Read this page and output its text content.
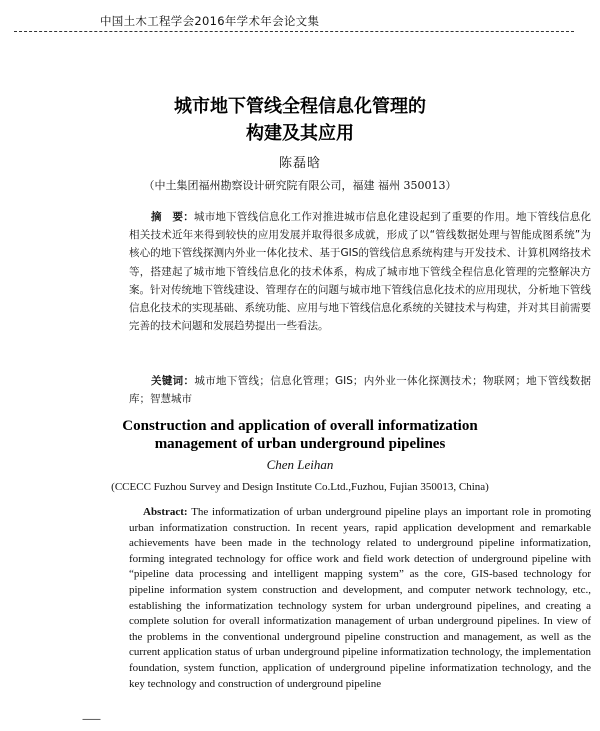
中国土木工程学会2016年学术年会论文集
城市地下管线全程信息化管理的
构建及其应用
陈磊晗
（中土集团福州勘察设计研究院有限公司，福建 福州 350013）
摘　要：城市地下管线信息化工作对推进城市信息化建设起到了重要的作用。地下管线信息化相关技术近年来得到较快的应用发展并取得很多成就，形成了以“管线数据处理与智能成图系统”为核心的地下管线探测内外业一体化技术、基于GIS的管线信息系统构建与开发技术、计算机网络技术等，搭建起了城市地下管线信息化的技术体系，构成了城市地下管线全程信息化管理的完整解决方案。针对传统地下管线建设、管理存在的问题与城市地下管线信息化技术的应用现状，分析地下管线信息化技术的实现基础、系统功能、应用与地下管线信息化系统的关键技术与构建，并对其目前需要完善的技术问题和发展趋势提出一些看法。
关键词：城市地下管线；信息化管理；GIS；内外业一体化探测技术；物联网；地下管线数据库；智慧城市
Construction and application of overall informatization
management of urban underground pipelines
Chen Leihan
(CCECC Fuzhou Survey and Design Institute Co.Ltd.,Fuzhou, Fujian 350013, China)
Abstract: The informatization of urban underground pipeline plays an important role in promoting urban informatization construction. In recent years, rapid application development and remarkable achievements have been made in the technology related to underground pipeline informatization, forming integrated technology for office work and field work detection of underground pipeline with “pipeline data processing and intelligent mapping system” as the core, GIS-based technology for pipeline information system construction and development, and computer network technology, etc., establishing the informatization technology system for urban underground pipelines, and creating a complete solution for overall informatization management of urban underground pipelines. In view of the problems in the conventional underground pipeline construction and management, as well as the current application status of urban underground pipeline informatization technology, the implementation foundation, system function, application of underground pipeline informatization technology, and the key technology and construction of underground pipeline
——
